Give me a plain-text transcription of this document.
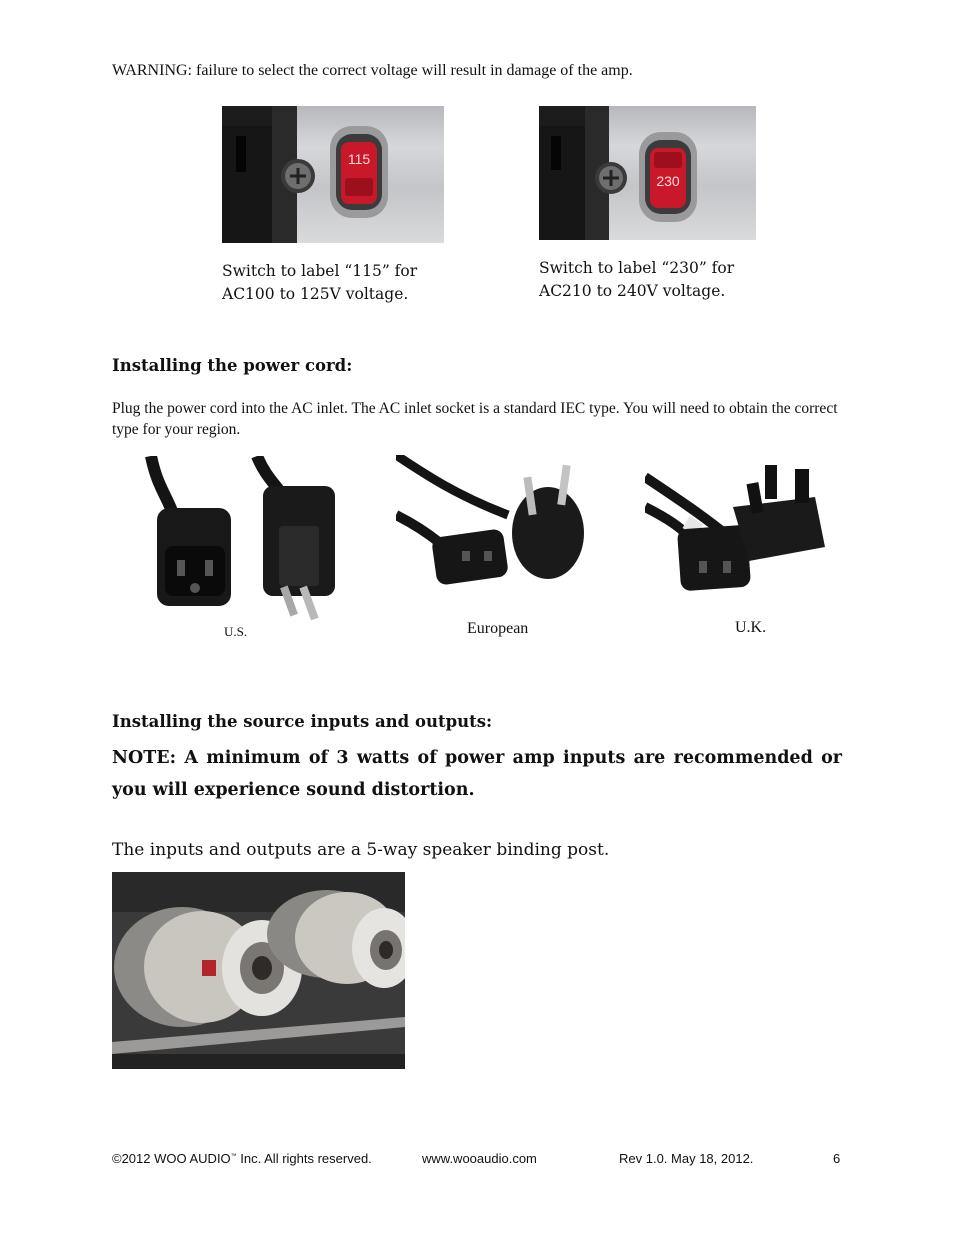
WARNING: failure to select the correct voltage will result in damage of the amp.
115
230
Switch to label “115” for
AC100 to 125V voltage.
Switch to label “230” for
AC210 to 240V voltage.
Installing the power cord:
Plug the power cord into the AC inlet. The AC inlet socket is a standard IEC type. You will need to obtain the correct type for your region.
U.S.	European	U.K.
Installing the source inputs and outputs:
NOTE: A minimum of 3 watts of power amp inputs are recommended or you will experience sound distortion.
The inputs and outputs are a 5-way speaker binding post.
©2012 WOO AUDIO™ Inc. All rights reserved.	www.wooaudio.com	Rev 1.0. May 18, 2012.	6
